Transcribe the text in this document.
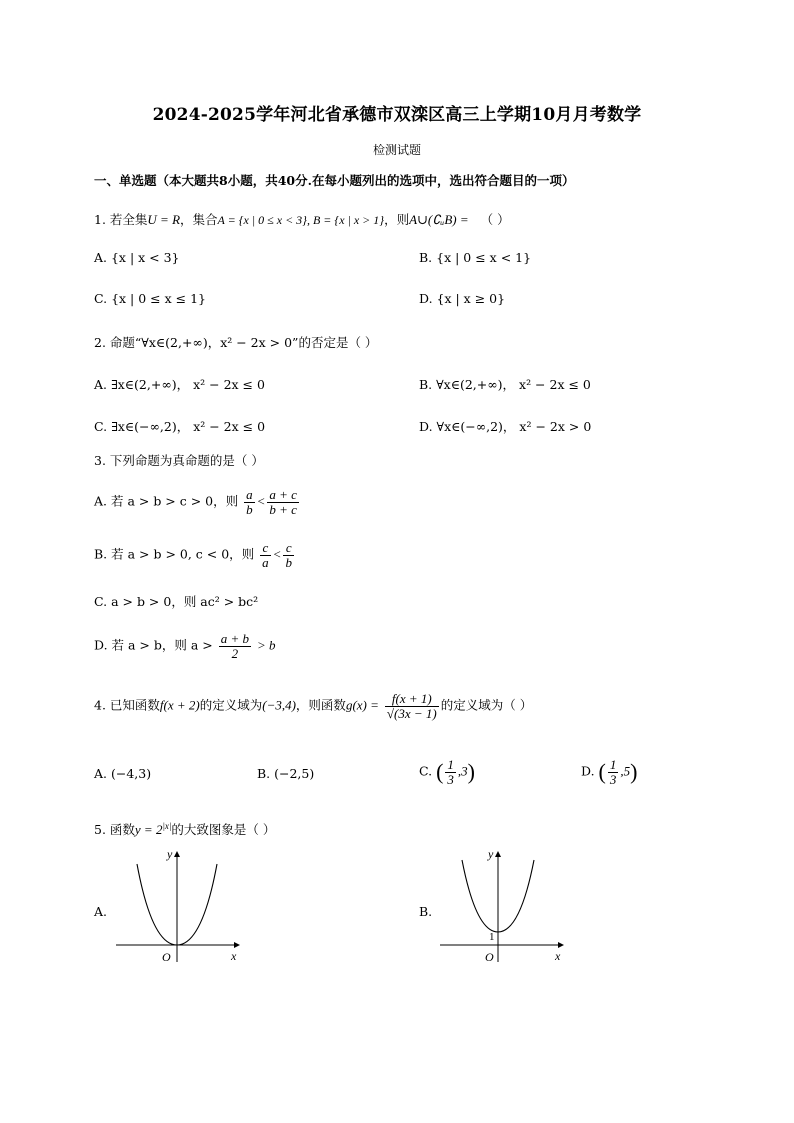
2024-2025学年河北省承德市双滦区高三上学期10月月考数学
检测试题
一、单选题（本大题共8小题，共40分.在每小题列出的选项中，选出符合题目的一项）
1. 若全集U = R，集合A = {x | 0 ≤ x < 3}, B = {x | x > 1}，则A∪(∁ᵤB) = （ ）
A. {x | x < 3}	B. {x | 0 ≤ x < 1}
C. {x | 0 ≤ x ≤ 1}	D. {x | x ≥ 0}
2. 命题“∀x∈(2,+∞)，x² − 2x > 0”的否定是（ ）
A. ∃x∈(2,+∞)， x² − 2x ≤ 0	B. ∀x∈(2,+∞)， x² − 2x ≤ 0
C. ∃x∈(−∞,2)， x² − 2x ≤ 0	D. ∀x∈(−∞,2)， x² − 2x > 0
3. 下列命题为真命题的是（ ）
A. 若 a > b > c > 0，则 $\frac{a}{b} < \frac{a + c}{b + c}$
B. 若 a > b > 0, c < 0，则 $\frac{c}{a} < \frac{c}{b}$
C. a > b > 0，则 ac² > bc²
D. 若 a > b，则 $a > \frac{a + b}{2} > b$
4. 已知函数f(x + 2)的定义域为(−3,4)，则函数$g(x) = \frac{f(x + 1)}{√(3x - 1)}$ 的定义域为（ ）
A. (−4,3)	B. (−2,5)	C. ( $\frac{1}{3} ,3$)	D. ( $\frac{1}{3} ,5$)
5. 函数$y = 2^{|x|}$的大致图象是（ ）
A.
y
x
O
B.
y
x
O
1
